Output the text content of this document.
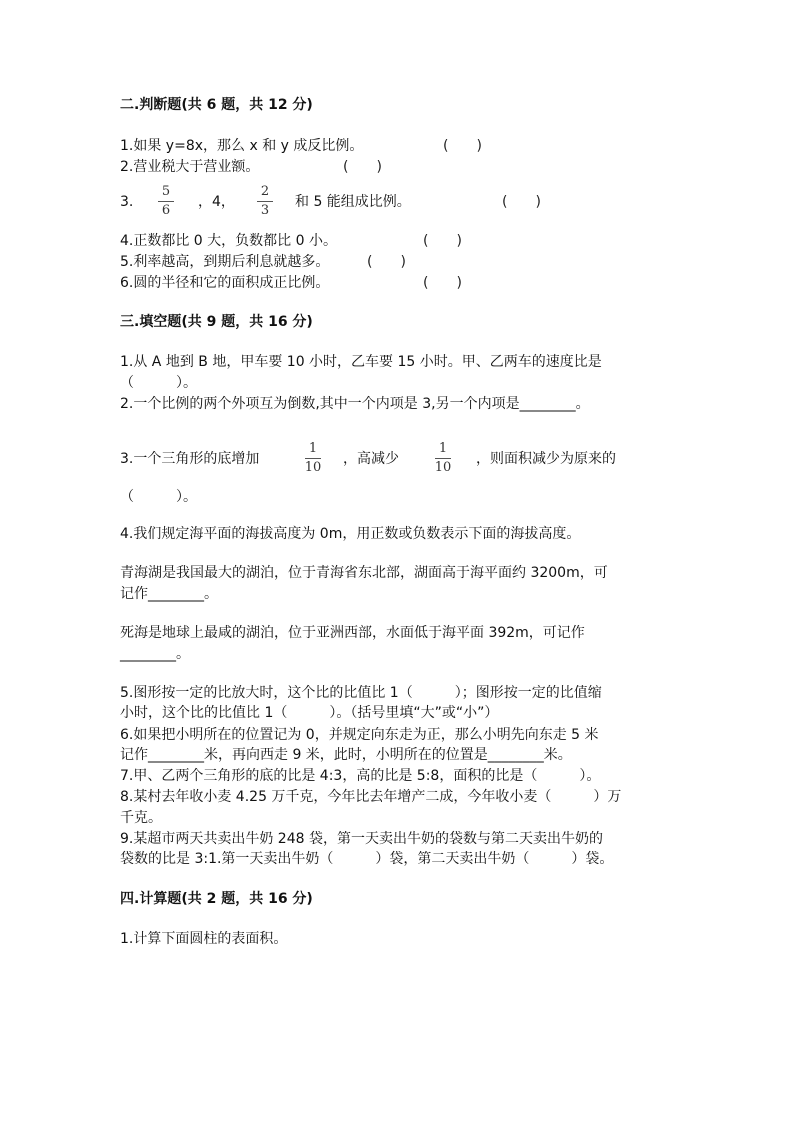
二.判断题(共 6 题，共 12 分)
1.如果 y=8x，那么 x 和 y 成反比例。	(　　)
2.营业税大于营业额。	(　　)
3.
5
6
，4，
2
3
和 5 能组成比例。	(　　)
4.正数都比 0 大，负数都比 0 小。	(　　)
5.利率越高，到期后利息就越多。	(　　)
6.圆的半径和它的面积成正比例。	(　　)
三.填空题(共 9 题，共 16 分)
1.从 A 地到 B 地，甲车要 10 小时，乙车要 15 小时。甲、乙两车的速度比是
（　　　）。
2.一个比例的两个外项互为倒数,其中一个内项是 3,另一个内项是________。
3.一个三角形的底增加
1
10
，高减少
1
10
，则面积减少为原来的
（　　　）。
4.我们规定海平面的海拔高度为 0m，用正数或负数表示下面的海拔高度。
青海湖是我国最大的湖泊，位于青海省东北部，湖面高于海平面约 3200m，可
记作________。
死海是地球上最咸的湖泊，位于亚洲西部，水面低于海平面 392m，可记作
________。
5.图形按一定的比放大时，这个比的比值比 1（　　　）；图形按一定的比值缩
小时，这个比的比值比 1（　　　）。（括号里填“大”或“小”）
6.如果把小明所在的位置记为 0，并规定向东走为正，那么小明先向东走 5 米
记作________米，再向西走 9 米，此时，小明所在的位置是________米。
7.甲、乙两个三角形的底的比是 4:3，高的比是 5:8，面积的比是（　　　）。
8.某村去年收小麦 4.25 万千克，今年比去年增产二成，今年收小麦（　　　）万
千克。
9.某超市两天共卖出牛奶 248 袋，第一天卖出牛奶的袋数与第二天卖出牛奶的
袋数的比是 3:1.第一天卖出牛奶（　　　）袋，第二天卖出牛奶（　　　）袋。
四.计算题(共 2 题，共 16 分)
1.计算下面圆柱的表面积。
